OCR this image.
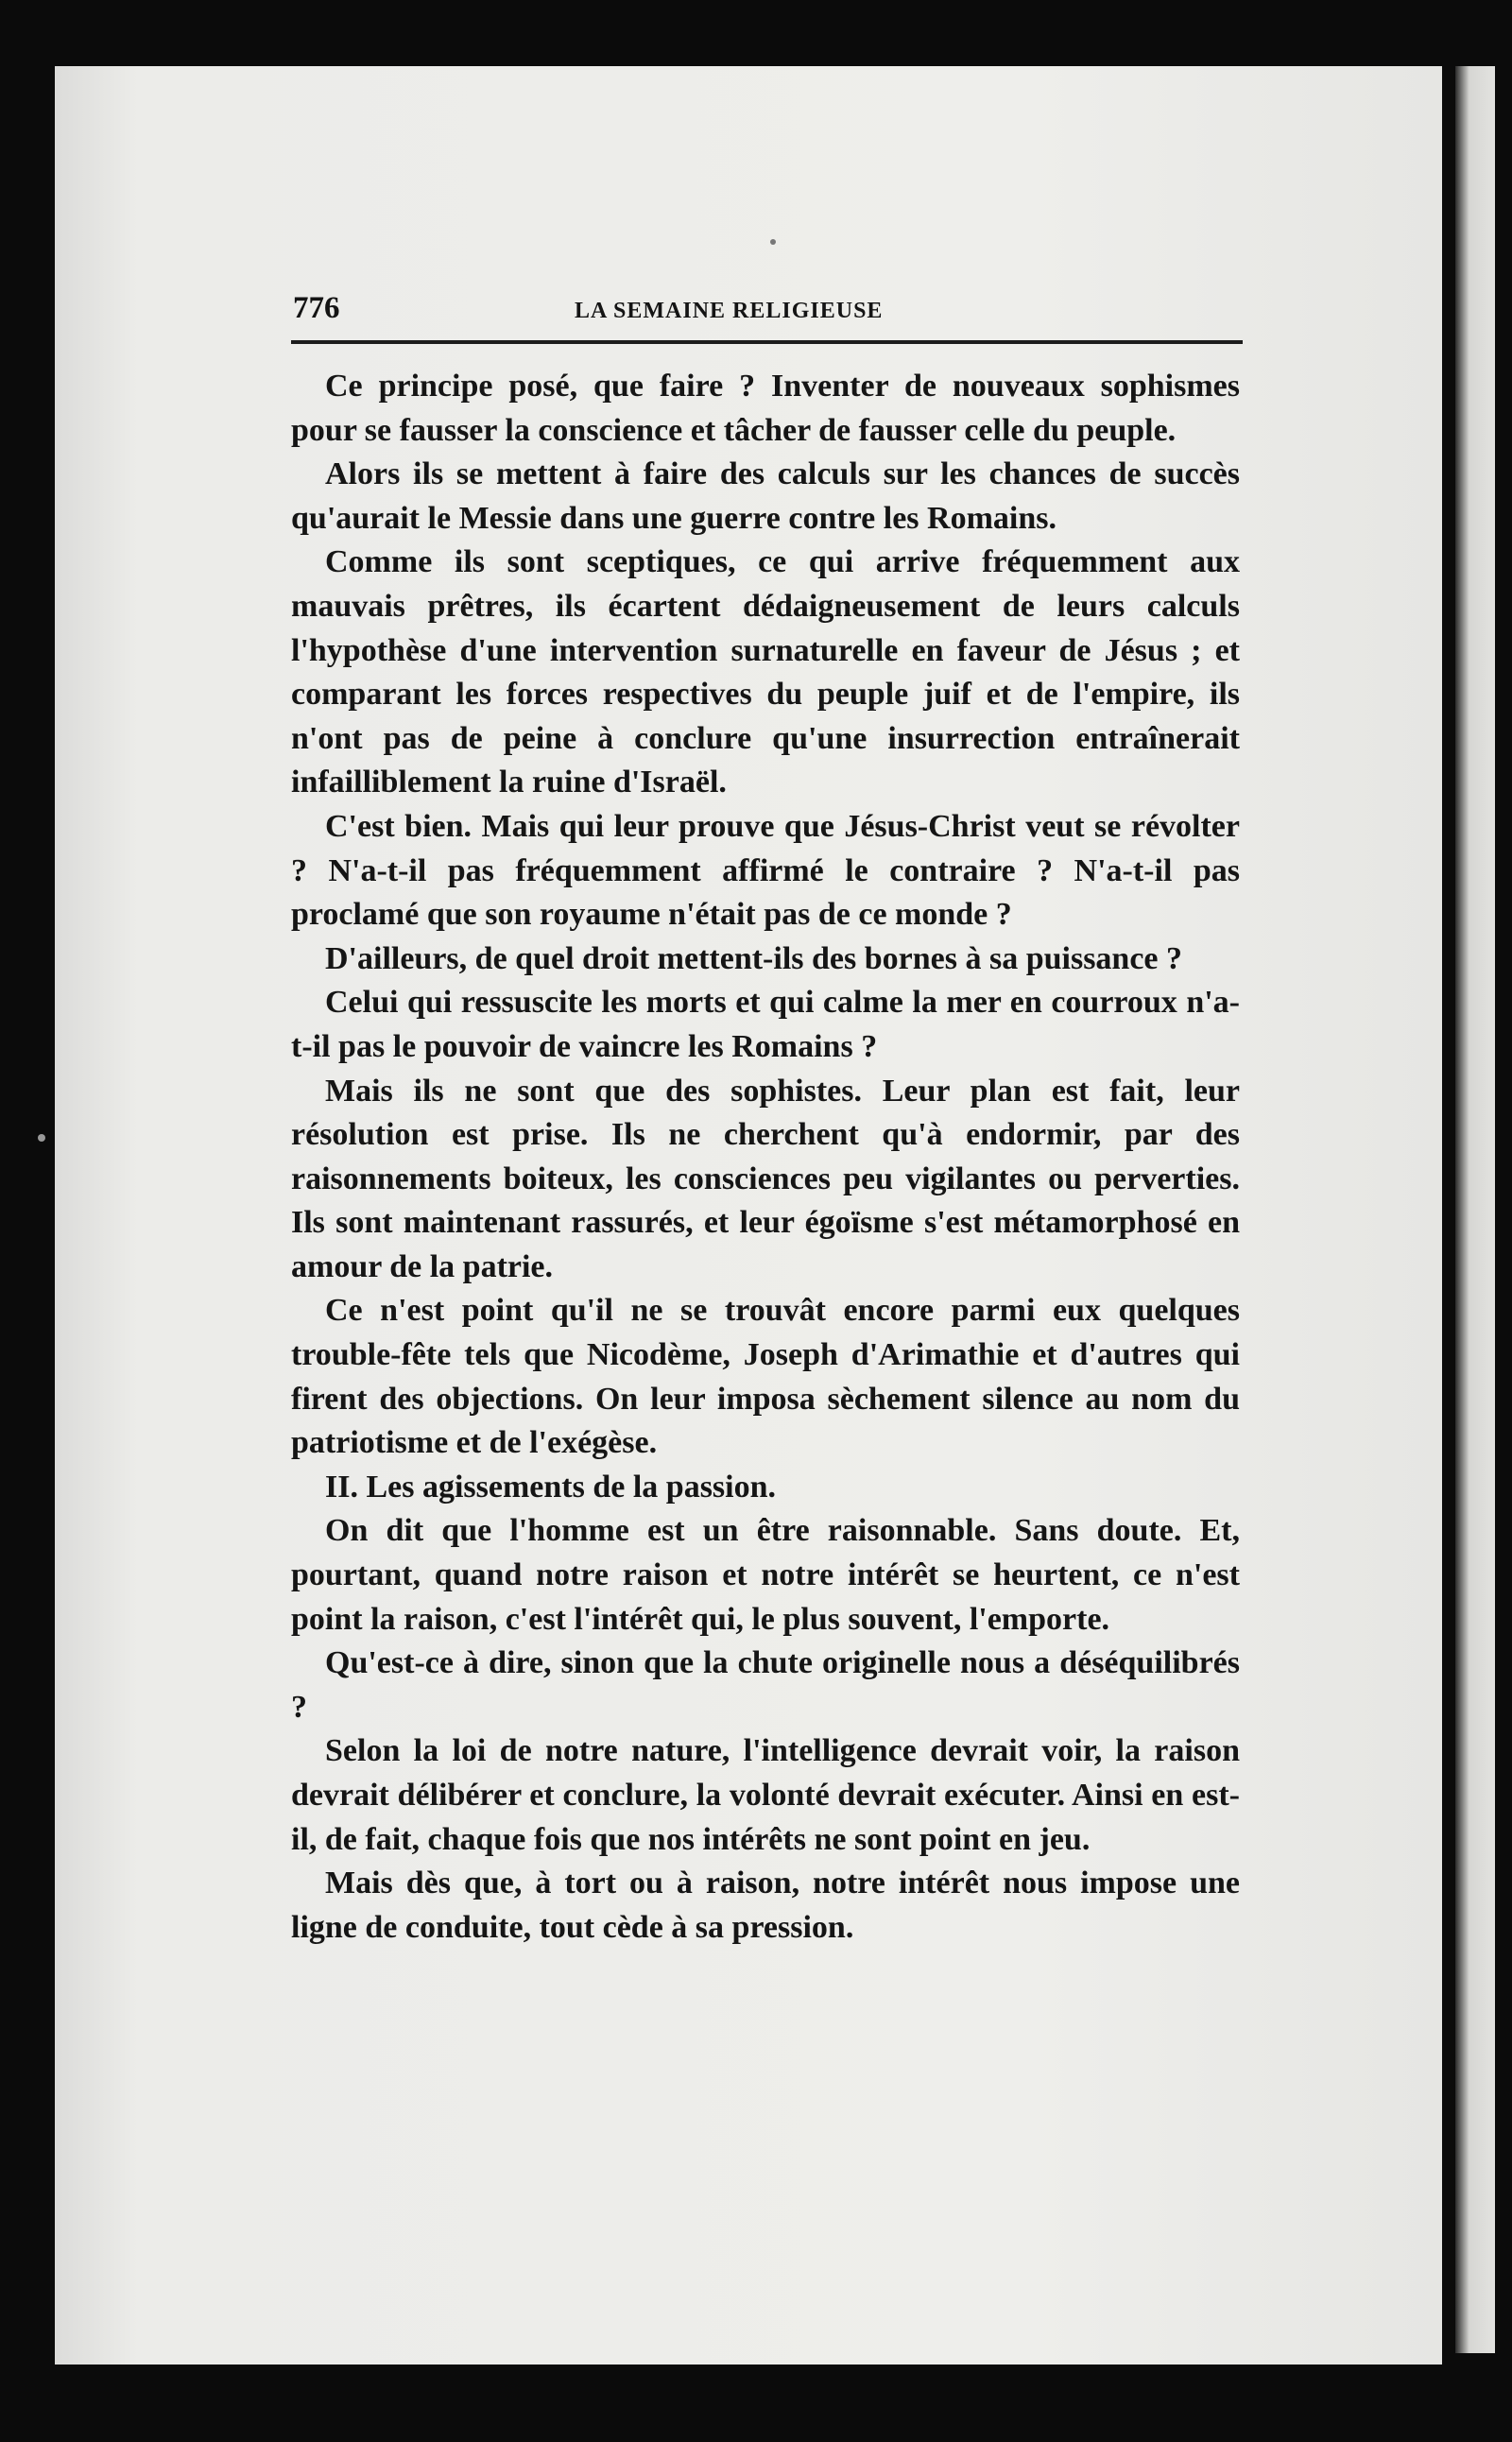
776	LA SEMAINE RELIGIEUSE

Ce principe posé, que faire ? Inventer de nouveaux sophismes pour se fausser la conscience et tâcher de fausser celle du peuple.

Alors ils se mettent à faire des calculs sur les chances de succès qu'aurait le Messie dans une guerre contre les Romains.

Comme ils sont sceptiques, ce qui arrive fréquemment aux mauvais prêtres, ils écartent dédaigneusement de leurs calculs l'hypothèse d'une intervention surnaturelle en faveur de Jésus ; et comparant les forces respectives du peuple juif et de l'empire, ils n'ont pas de peine à conclure qu'une insurrection entraînerait infailliblement la ruine d'Israël.

C'est bien. Mais qui leur prouve que Jésus-Christ veut se révolter ? N'a-t-il pas fréquemment affirmé le contraire ? N'a-t-il pas proclamé que son royaume n'était pas de ce monde ?

D'ailleurs, de quel droit mettent-ils des bornes à sa puissance ?

Celui qui ressuscite les morts et qui calme la mer en courroux n'a-t-il pas le pouvoir de vaincre les Romains ?

Mais ils ne sont que des sophistes. Leur plan est fait, leur résolution est prise. Ils ne cherchent qu'à endormir, par des raisonnements boiteux, les consciences peu vigilantes ou perverties. Ils sont maintenant rassurés, et leur égoïsme s'est métamorphosé en amour de la patrie.

Ce n'est point qu'il ne se trouvât encore parmi eux quelques trouble-fête tels que Nicodème, Joseph d'Arimathie et d'autres qui firent des objections. On leur imposa sèchement silence au nom du patriotisme et de l'exégèse.

II. Les agissements de la passion.

On dit que l'homme est un être raisonnable. Sans doute. Et, pourtant, quand notre raison et notre intérêt se heurtent, ce n'est point la raison, c'est l'intérêt qui, le plus souvent, l'emporte.

Qu'est-ce à dire, sinon que la chute originelle nous a déséquilibrés ?

Selon la loi de notre nature, l'intelligence devrait voir, la raison devrait délibérer et conclure, la volonté devrait exécuter. Ainsi en est-il, de fait, chaque fois que nos intérêts ne sont point en jeu.

Mais dès que, à tort ou à raison, notre intérêt nous impose une ligne de conduite, tout cède à sa pression.
